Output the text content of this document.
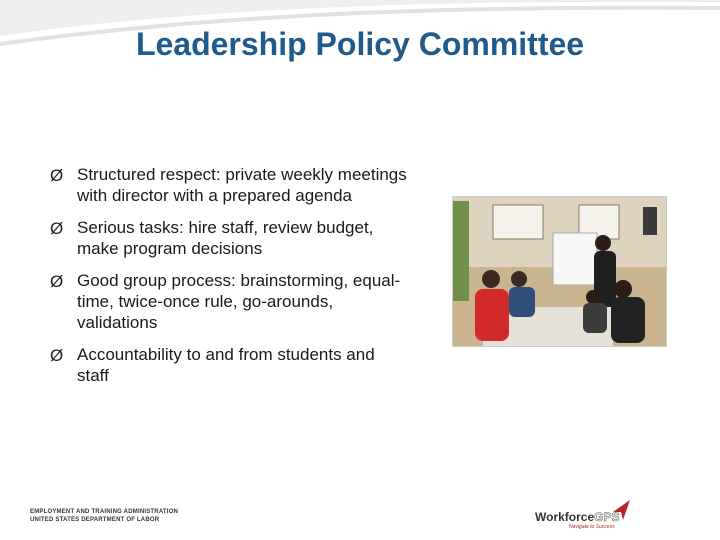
Leadership Policy Committee
Ø Structured respect: private weekly meetings
with director with a prepared agenda
Ø Serious tasks: hire staff, review budget,
make program decisions
Ø Good group process: brainstorming, equal-
time, twice-once rule, go-arounds,
validations
Ø Accountability to and from students and
staff
EMPLOYMENT AND TRAINING ADMINISTRATION
UNITED STATES DEPARTMENT OF LABOR	WorkforceGPS
Navigate to Success
